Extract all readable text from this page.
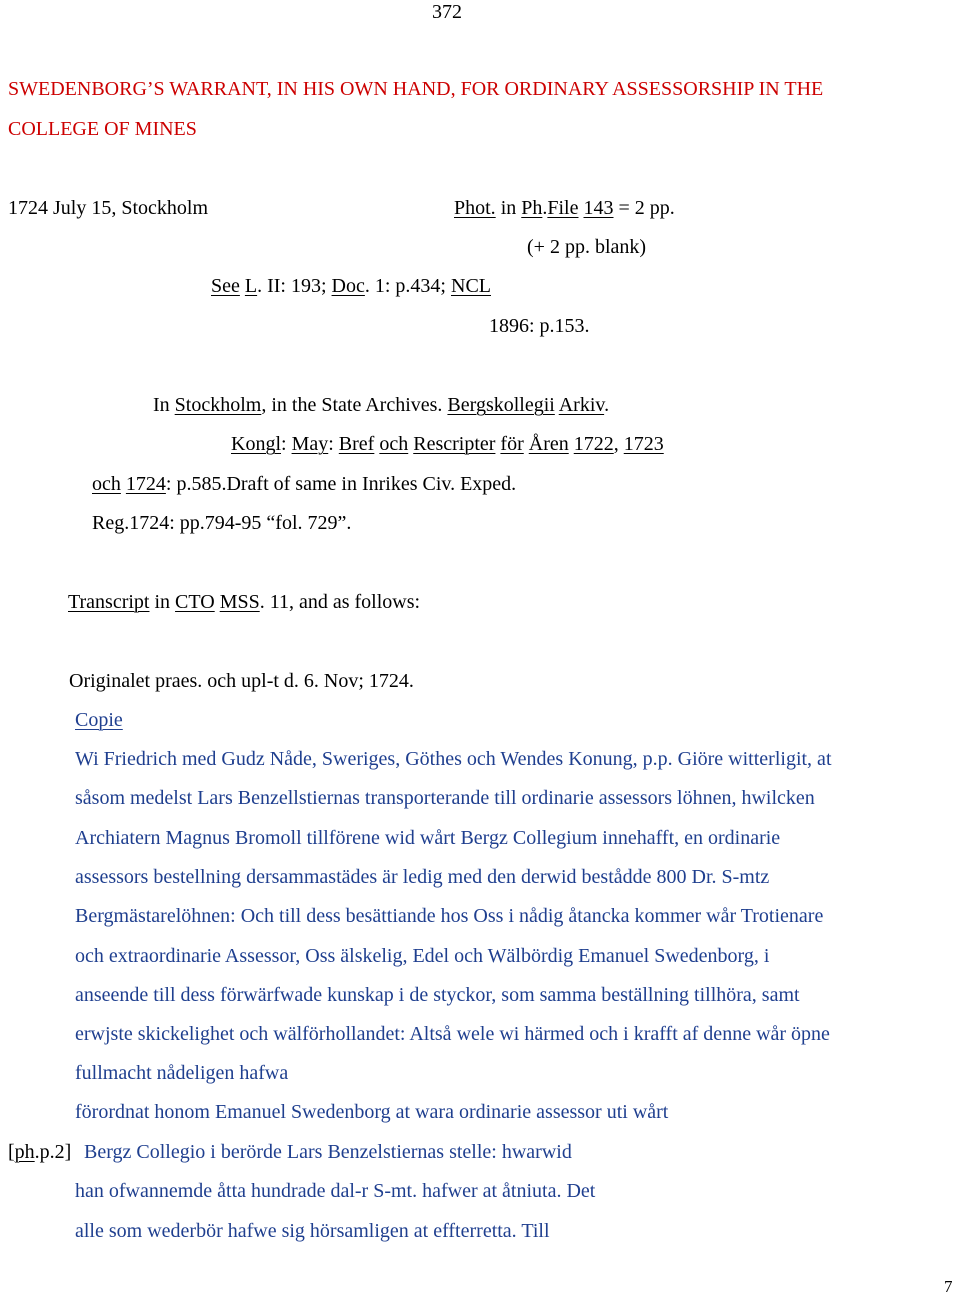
372
SWEDENBORG’S WARRANT, IN HIS OWN HAND, FOR ORDINARY ASSESSORSHIP IN THE
COLLEGE OF MINES
1724 July 15, Stockholm	Phot. in Ph.File 143 = 2 pp.
(+ 2 pp. blank)
See L. II: 193; Doc. 1: p.434; NCL
1896: p.153.
In Stockholm, in the State Archives. Bergskollegii Arkiv.
Kongl: May: Bref och Rescripter för Åren 1722, 1723
och 1724: p.585.Draft of same in Inrikes Civ. Exped.
Reg.1724: pp.794-95 “fol. 729”.
Transcript in CTO MSS. 11, and as follows:
Originalet praes. och upl-t d. 6. Nov; 1724.
Copie
Wi Friedrich med Gudz Nåde, Sweriges, Göthes och Wendes Konung, p.p. Giöre witterligit, at
såsom medelst Lars Benzellstiernas transporterande till ordinarie assessors löhnen, hwilcken
Archiatern Magnus Bromoll tillförene wid wårt Bergz Collegium innehafft, en ordinarie
assessors bestellning dersammastädes är ledig med den derwid bestådde 800 Dr. S-mtz
Bergmästarelöhnen: Och till dess besättiande hos Oss i nådig åtancka kommer wår Trotienare
och extraordinarie Assessor, Oss älskelig, Edel och Wälbördig Emanuel Swedenborg, i
anseende till dess förwärfwade kunskap i de styckor, som samma beställning tillhöra, samt
erwjste skickelighet och wälförhollandet: Altså wele wi härmed och i krafft af denne wår öpne
fullmacht nådeligen hafwa
förordnat honom Emanuel Swedenborg at wara ordinarie assessor uti wårt
[ph.p.2] Bergz Collegio i berörde Lars Benzelstiernas stelle: hwarwid
han ofwannemde åtta hundrade dal-r S-mt. hafwer at åtniuta. Det
alle som wederbör hafwe sig hörsamligen at effterretta. Till
7
